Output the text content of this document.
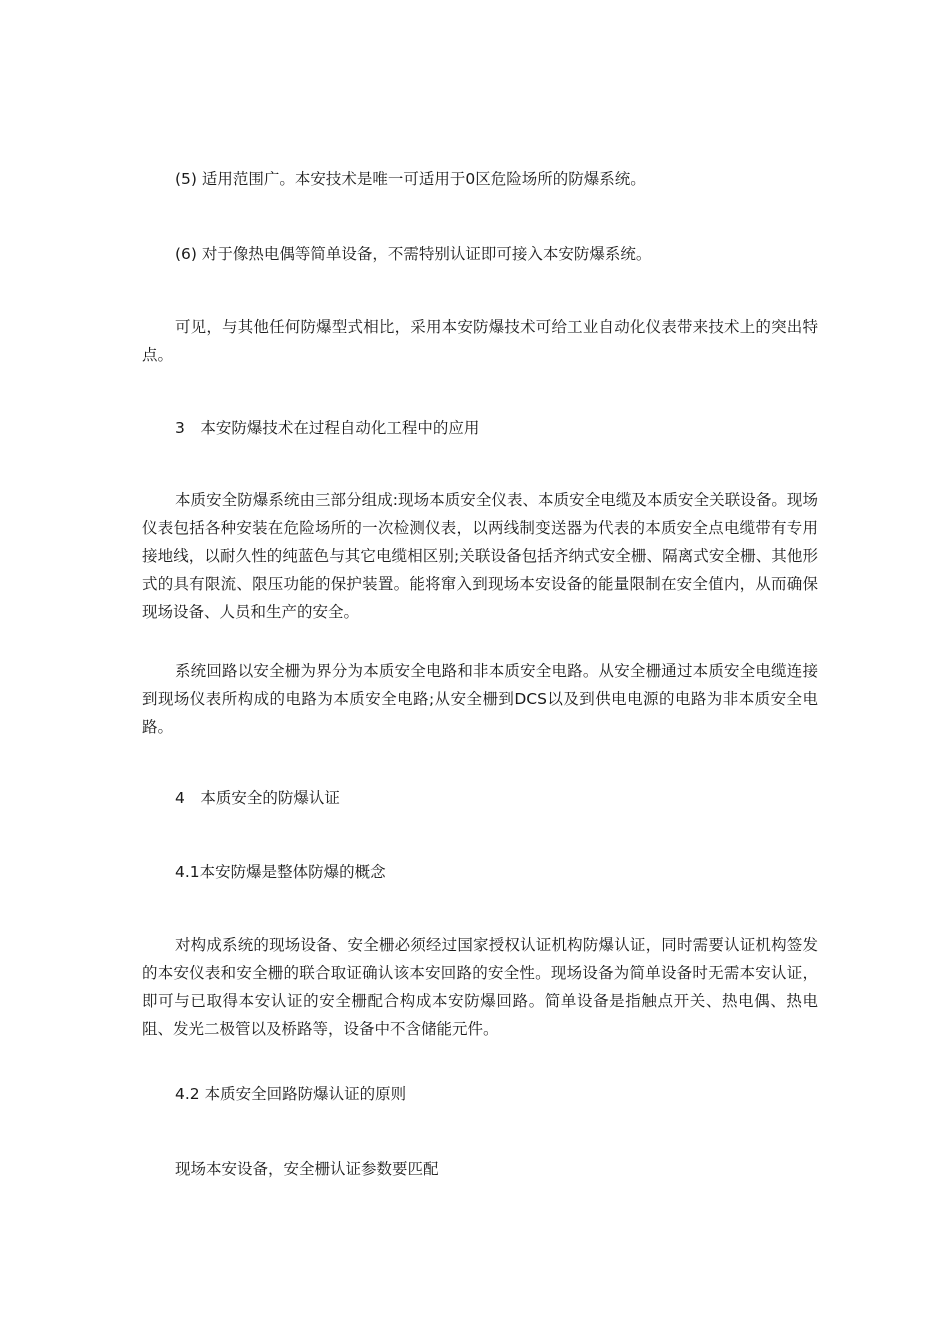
(5) 适用范围广。本安技术是唯一可适用于0区危险场所的防爆系统。

(6) 对于像热电偶等简单设备，不需特别认证即可接入本安防爆系统。

可见，与其他任何防爆型式相比，采用本安防爆技术可给工业自动化仪表带来技术上的突出特点。

3　本安防爆技术在过程自动化工程中的应用

本质安全防爆系统由三部分组成:现场本质安全仪表、本质安全电缆及本质安全关联设备。现场仪表包括各种安装在危险场所的一次检测仪表，以两线制变送器为代表的本质安全点电缆带有专用接地线，以耐久性的纯蓝色与其它电缆相区别;关联设备包括齐纳式安全栅、隔离式安全栅、其他形式的具有限流、限压功能的保护装置。能将窜入到现场本安设备的能量限制在安全值内，从而确保现场设备、人员和生产的安全。

系统回路以安全栅为界分为本质安全电路和非本质安全电路。从安全栅通过本质安全电缆连接到现场仪表所构成的电路为本质安全电路;从安全栅到DCS以及到供电电源的电路为非本质安全电路。

4　本质安全的防爆认证

4.1本安防爆是整体防爆的概念

对构成系统的现场设备、安全栅必须经过国家授权认证机构防爆认证，同时需要认证机构签发的本安仪表和安全栅的联合取证确认该本安回路的安全性。现场设备为简单设备时无需本安认证，即可与已取得本安认证的安全栅配合构成本安防爆回路。简单设备是指触点开关、热电偶、热电阻、发光二极管以及桥路等，设备中不含储能元件。

4.2 本质安全回路防爆认证的原则

现场本安设备，安全栅认证参数要匹配
